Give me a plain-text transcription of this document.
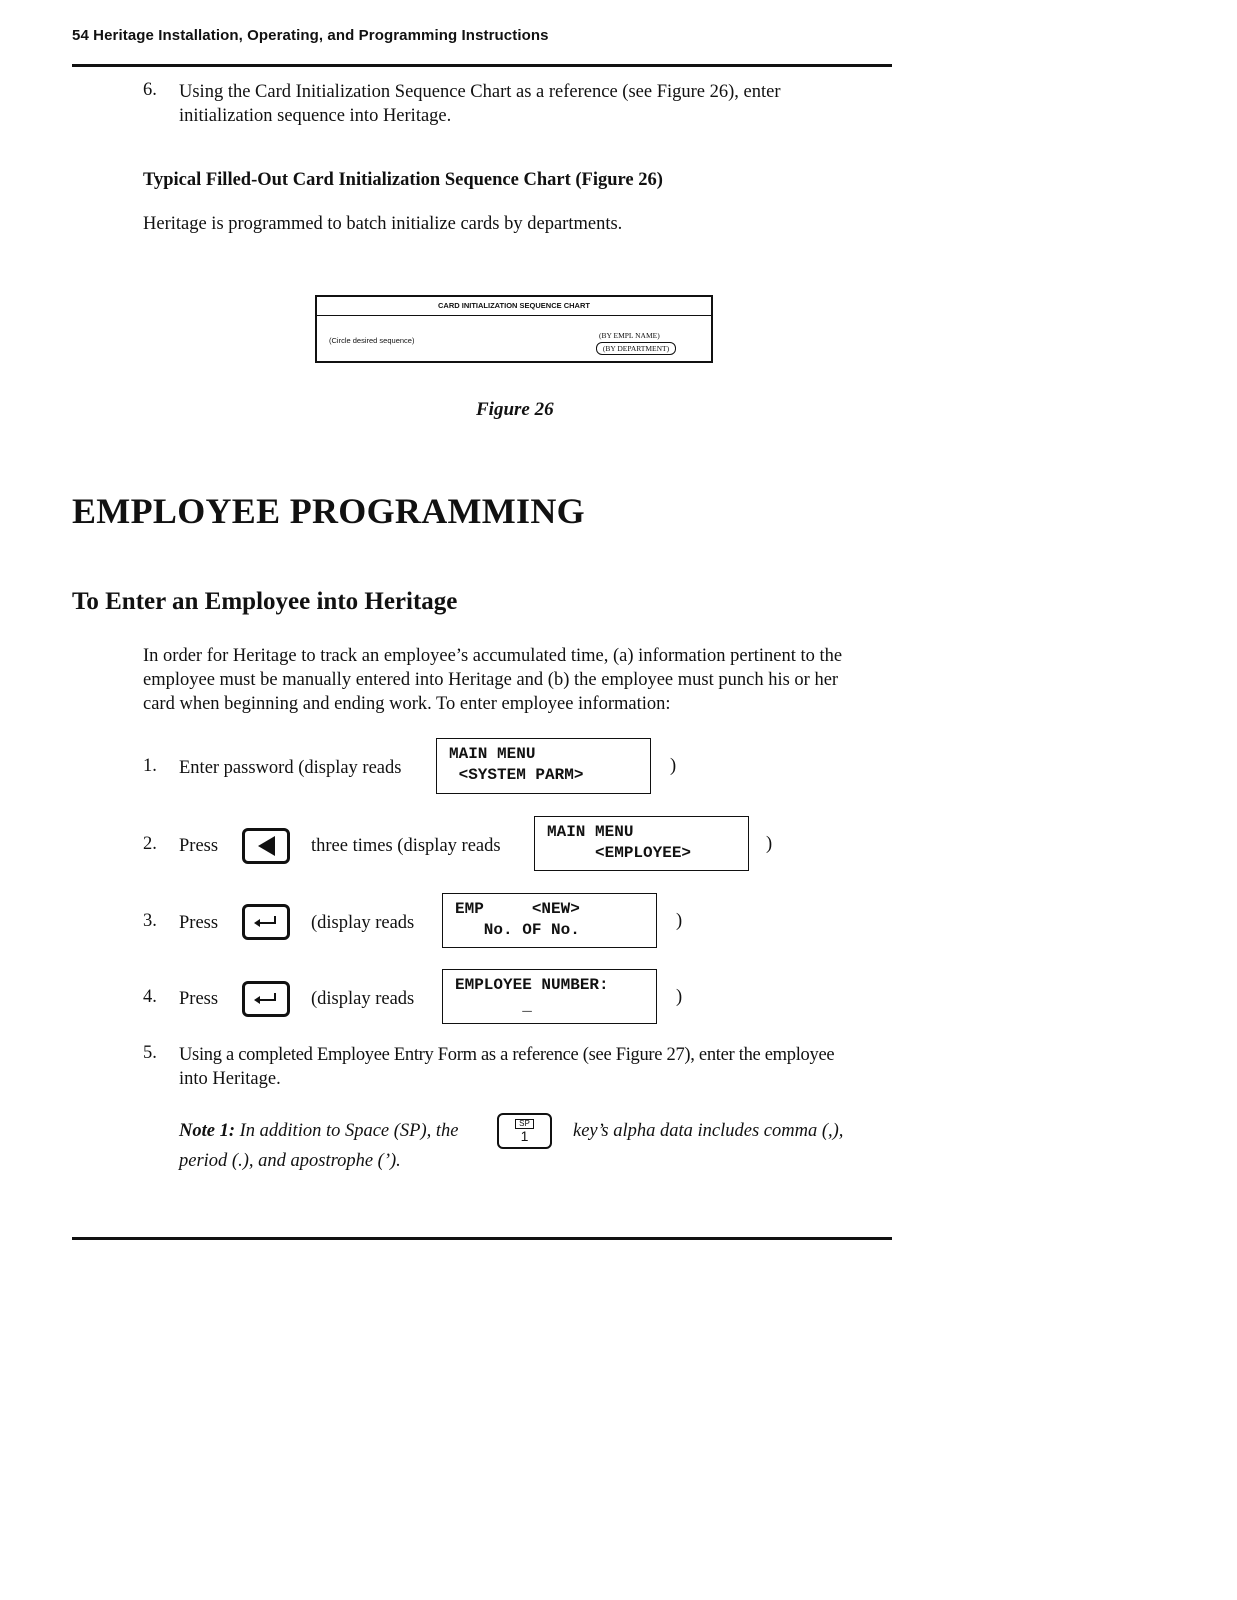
54 Heritage Installation, Operating, and Programming Instructions
6. Using the Card Initialization Sequence Chart as a reference (see Figure 26), enter
initialization sequence into Heritage.
Typical Filled-Out Card Initialization Sequence Chart (Figure 26)
Heritage is programmed to batch initialize cards by departments.
CARD INITIALIZATION SEQUENCE CHART
(Circle desired sequence)
(BY EMPL NAME)
(BY DEPARTMENT)
Figure 26
EMPLOYEE PROGRAMMING
To Enter an Employee into Heritage
In order for Heritage to track an employee’s accumulated time, (a) information pertinent to the
employee must be manually entered into Heritage and (b) the employee must punch his or her
card when beginning and ending work. To enter employee information:
1. Enter password (display reads
MAIN MENU
<SYSTEM PARM>	)
2. Press	three times (display reads
MAIN MENU
<EMPLOYEE>	)
3. Press	(display reads
EMP     <NEW>
No. OF No.	)
4. Press	(display reads
EMPLOYEE NUMBER:
_	)
5. Using a completed Employee Entry Form as a reference (see Figure 27), enter the employee
into Heritage.
Note 1: In addition to Space (SP), the	SP
1 key’s alpha data includes comma (,),
period (.), and apostrophe (’).
